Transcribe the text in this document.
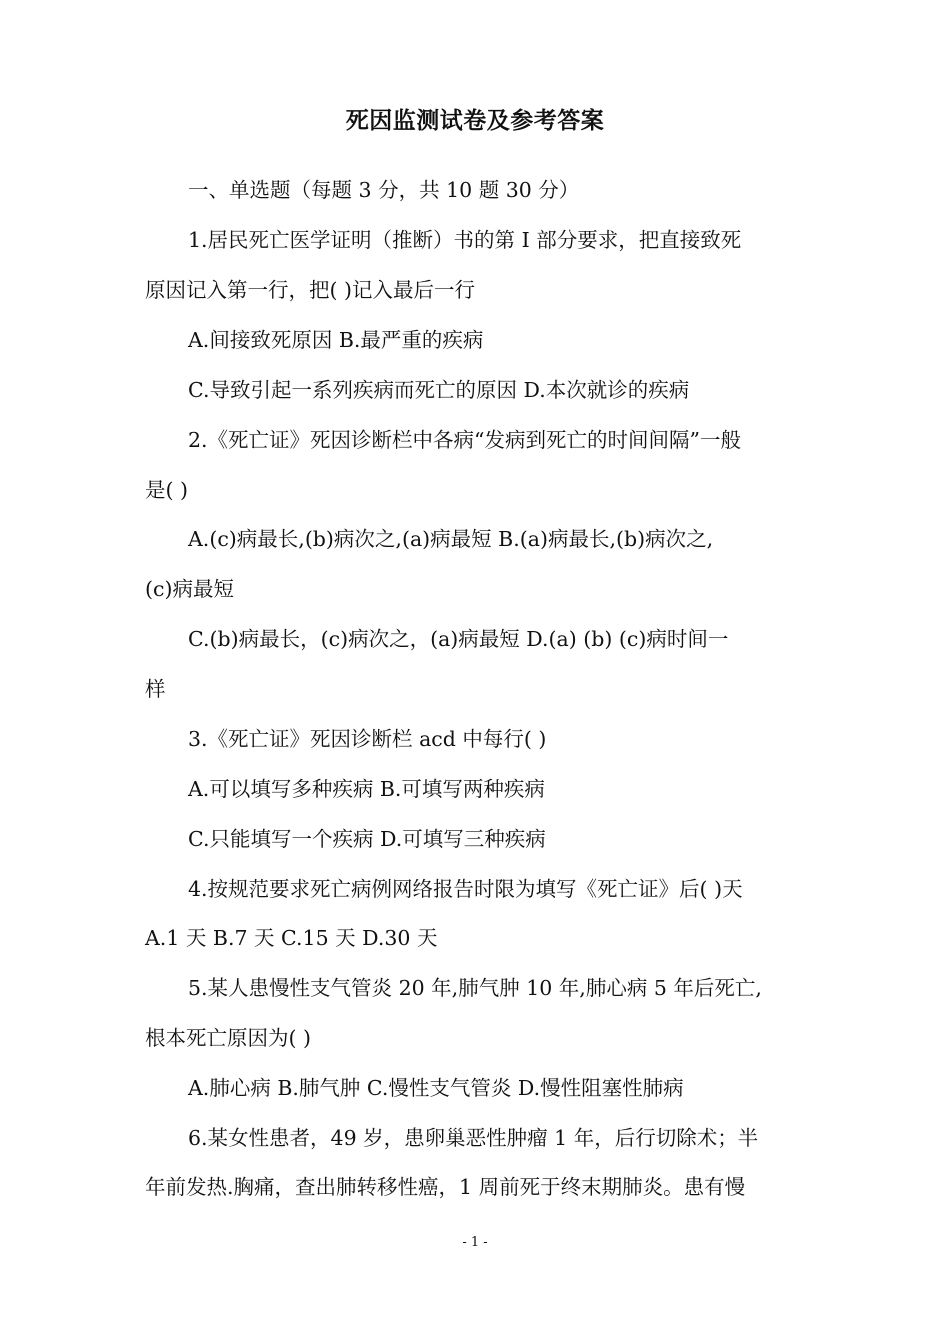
死因监测试卷及参考答案
一、单选题（每题 3 分，共 10 题 30 分）
1.居民死亡医学证明（推断）书的第 I 部分要求，把直接致死
原因记入第一行，把( )记入最后一行
A.间接致死原因 B.最严重的疾病
C.导致引起一系列疾病而死亡的原因 D.本次就诊的疾病
2.《死亡证》死因诊断栏中各病“发病到死亡的时间间隔”一般
是( )
A.(c)病最长,(b)病次之,(a)病最短 B.(a)病最长,(b)病次之,
(c)病最短
C.(b)病最长，(c)病次之，(a)病最短 D.(a) (b) (c)病时间一
样
3.《死亡证》死因诊断栏 acd 中每行( )
A.可以填写多种疾病 B.可填写两种疾病
C.只能填写一个疾病 D.可填写三种疾病
4.按规范要求死亡病例网络报告时限为填写《死亡证》后( )天
A.1 天 B.7 天 C.15 天 D.30 天
5.某人患慢性支气管炎 20 年,肺气肿 10 年,肺心病 5 年后死亡,
根本死亡原因为( )
A.肺心病 B.肺气肿 C.慢性支气管炎 D.慢性阻塞性肺病
6.某女性患者，49 岁，患卵巢恶性肿瘤 1 年，后行切除术；半
年前发热.胸痛，查出肺转移性癌，1 周前死于终末期肺炎。患有慢
- 1 -
